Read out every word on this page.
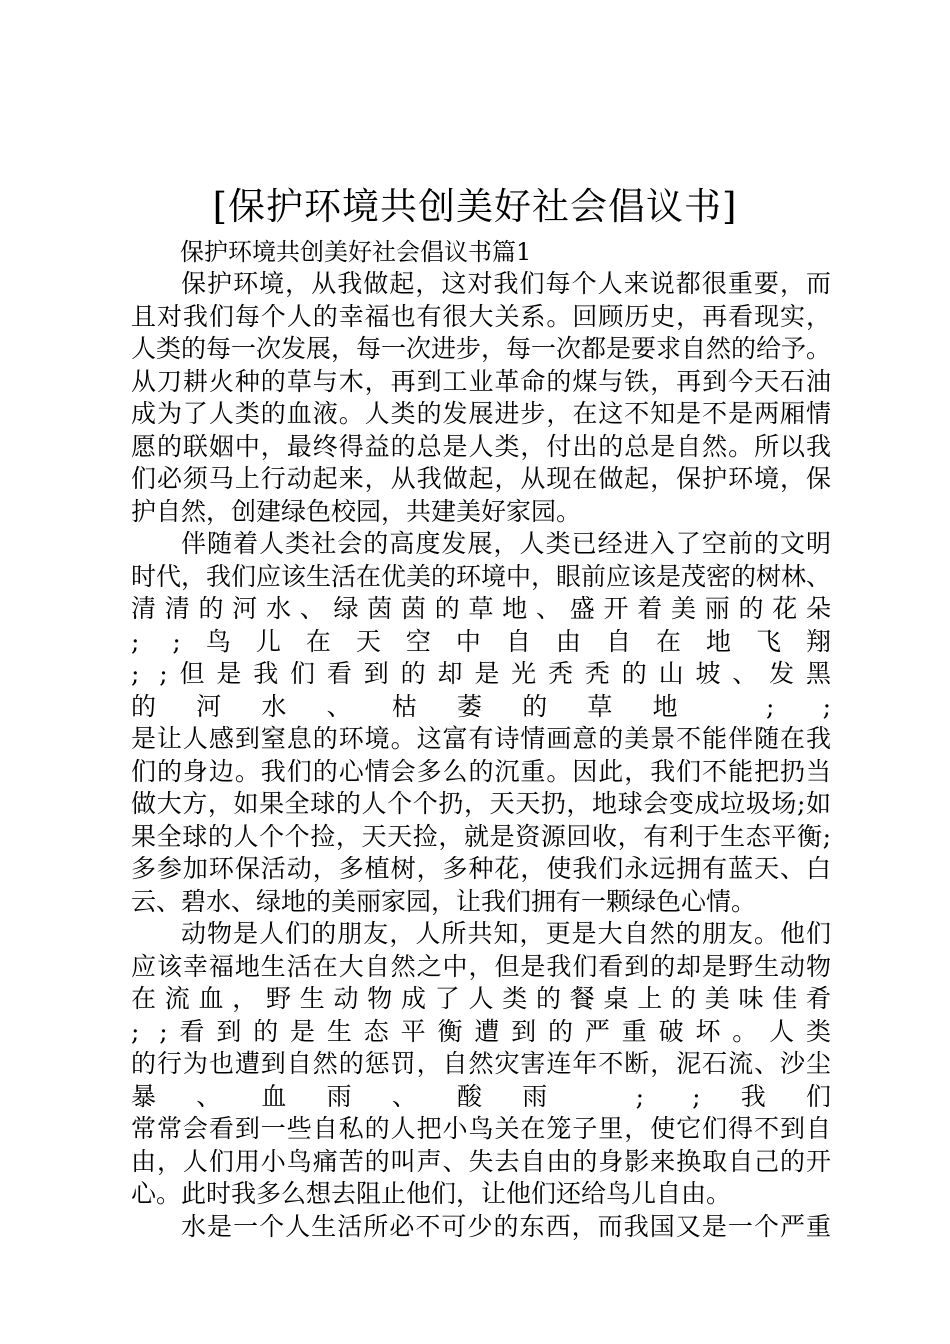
[保护环境共创美好社会倡议书]
保护环境共创美好社会倡议书篇1
保护环境，从我做起，这对我们每个人来说都很重要，而
且对我们每个人的幸福也有很大关系。回顾历史，再看现实，
人类的每一次发展，每一次进步，每一次都是要求自然的给予。
从刀耕火种的草与木，再到工业革命的煤与铁，再到今天石油
成为了人类的血液。人类的发展进步，在这不知是不是两厢情
愿的联姻中，最终得益的总是人类，付出的总是自然。所以我
们必须马上行动起来，从我做起，从现在做起，保护环境，保
护自然，创建绿色校园，共建美好家园。
伴随着人类社会的高度发展，人类已经进入了空前的文明
时代，我们应该生活在优美的环境中，眼前应该是茂密的树林、
清清的河水、绿茵茵的草地、盛开着美丽的花朵
; ;鸟儿在天空中自由自在地飞翔
; ;但是我们看到的却是光秃秃的山坡、发黑
的河水、枯萎的草地 ; ;
是让人感到窒息的环境。这富有诗情画意的美景不能伴随在我
们的身边。我们的心情会多么的沉重。因此，我们不能把扔当
做大方，如果全球的人个个扔，天天扔，地球会变成垃圾场;如
果全球的人个个捡，天天捡，就是资源回收，有利于生态平衡;
多参加环保活动，多植树，多种花，使我们永远拥有蓝天、白
云、碧水、绿地的美丽家园，让我们拥有一颗绿色心情。
动物是人们的朋友，人所共知，更是大自然的朋友。他们
应该幸福地生活在大自然之中，但是我们看到的却是野生动物
在流血，野生动物成了人类的餐桌上的美味佳肴
; ;看到的是生态平衡遭到的严重破坏。人类
的行为也遭到自然的惩罚，自然灾害连年不断，泥石流、沙尘
暴、血雨、酸雨 ; ;我们
常常会看到一些自私的人把小鸟关在笼子里，使它们得不到自
由，人们用小鸟痛苦的叫声、失去自由的身影来换取自己的开
心。此时我多么想去阻止他们，让他们还给鸟儿自由。
水是一个人生活所必不可少的东西，而我国又是一个严重
